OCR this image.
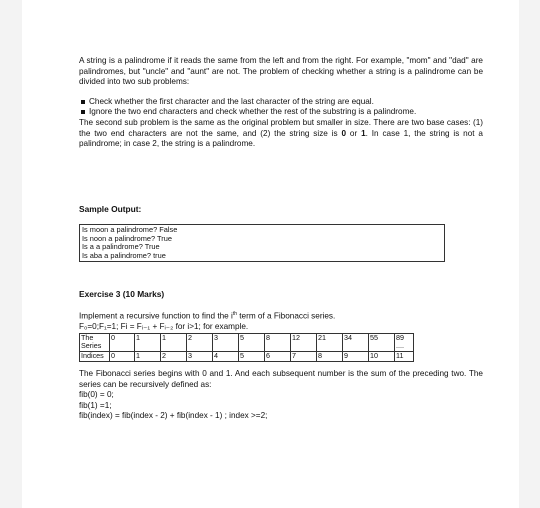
A string is a palindrome if it reads the same from the left and from the right. For example, "mom" and "dad" are palindromes, but "uncle" and "aunt" are not. The problem of checking whether a string is a palindrome can be divided into two sub problems:

Check whether the first character and the last character of the string are equal.

Ignore the two end characters and check whether the rest of the substring is a palindrome.

The second sub problem is the same as the original problem but smaller in size. There are two base cases: (1) the two end characters are not the same, and (2) the string size is 0 or 1. In case 1, the string is not a palindrome; in case 2, the string is a palindrome.

Sample Output:
Is moon a palindrome? False
Is noon a palindrome? True
Is a a palindrome? True
Is aba a palindrome? true
Exercise 3 (10 Marks)

Implement a recursive function to find the $i^{th}$ term of a Fibonacci series.

F₀=0;F₁=1; Fi = Fᵢ₋₁ + Fᵢ₋₂ for i>1; for example.

The Series	0	1	1	2	3	5	8	12	21	34	55	89 ....
Indices	0	1	2	3	4	5	6	7	8	9	10	11

The Fibonacci series begins with 0 and 1. And each subsequent number is the sum of the preceding two. The series can be recursively defined as:

fib(0) = 0;

fib(1) =1;

fib(index) = fib(index - 2) + fib(index - 1) ; index >=2;
